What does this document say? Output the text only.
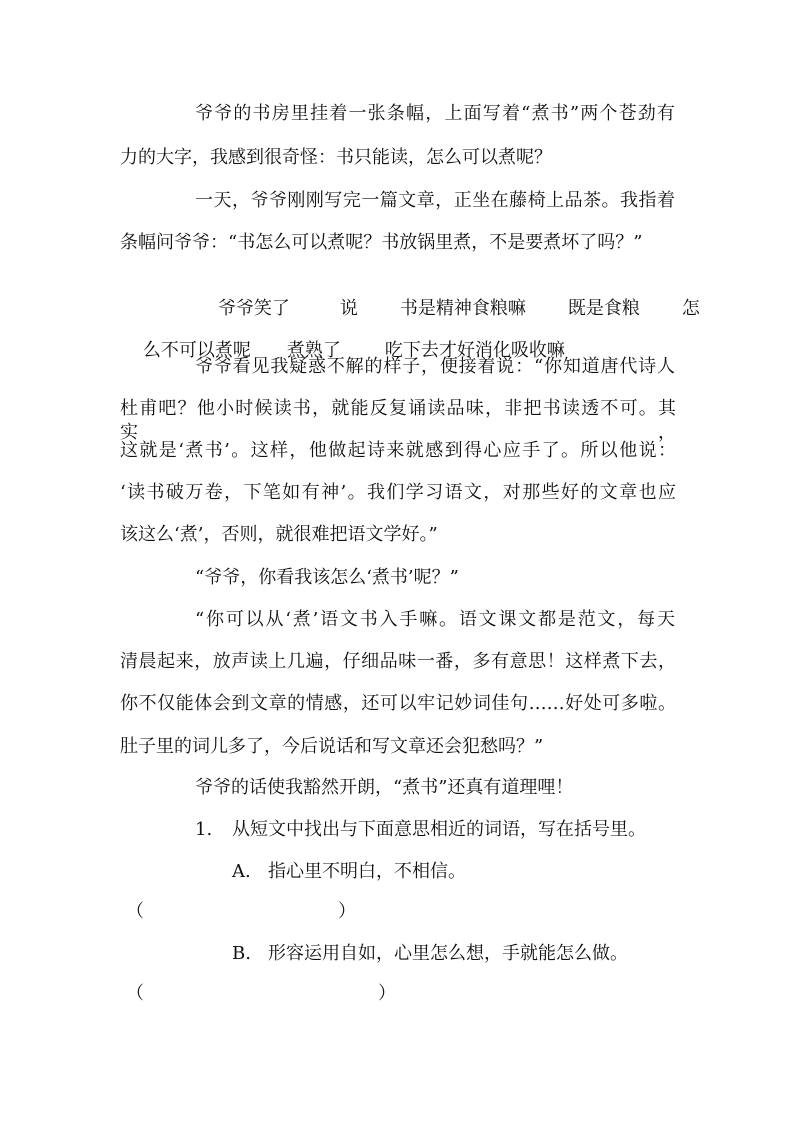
爷爷的书房里挂着一张条幅，上面写着“煮书”两个苍劲有
力的大字，我感到很奇怪：书只能读，怎么可以煮呢？
一天，爷爷刚刚写完一篇文章，正坐在藤椅上品茶。我指着
条幅问爷爷：“书怎么可以煮呢？书放锅里煮，不是要煮坏了吗？”

爷爷笑了	说 书是精神食粮嘛 既是食粮 怎

么不可以煮呢 煮熟了 吃下去才好消化吸收嘛

爷爷看见我疑惑不解的样子，便接着说：“你知道唐代诗人
杜甫吧？他小时候读书，就能反复诵读品味，非把书读透不可。其实，
这就是‘煮书’。这样，他做起诗来就感到得心应手了。所以他说：
‘读书破万卷，下笔如有神’。我们学习语文，对那些好的文章也应
该这么‘煮’，否则，就很难把语文学好。”
“爷爷，你看我该怎么‘煮书’呢？”
“你可以从‘煮’语文书入手嘛。语文课文都是范文，每天
清晨起来，放声读上几遍，仔细品味一番，多有意思！这样煮下去，
你不仅能体会到文章的情感，还可以牢记妙词佳句……好处可多啦。
肚子里的词儿多了，今后说话和写文章还会犯愁吗？”
爷爷的话使我豁然开朗，“煮书”还真有道理哩！
1. 从短文中找出与下面意思相近的词语，写在括号里。
A. 指心里不明白，不相信。
（	）
B. 形容运用自如，心里怎么想，手就能怎么做。
（	）
